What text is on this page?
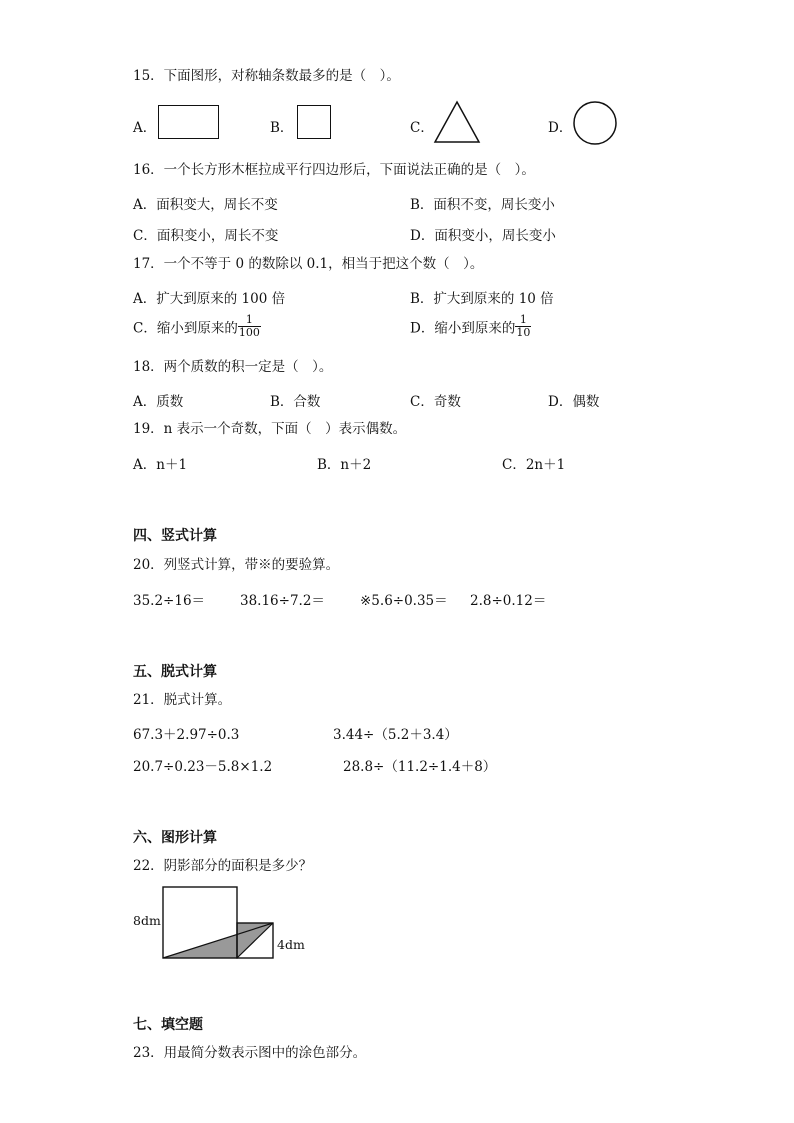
15．下面图形，对称轴条数最多的是（　）。
A．	B．	C．	D．
16．一个长方形木框拉成平行四边形后，下面说法正确的是（　）。
A．面积变大，周长不变	B．面积不变，周长变小
C．面积变小，周长不变	D．面积变小，周长变小
17．一个不等于 0 的数除以 0.1，相当于把这个数（　）。
A．扩大到原来的 100 倍	B．扩大到原来的 10 倍
C．缩小到原来的 $\frac{1}{100}$	D．缩小到原来的 $\frac{1}{10}$
18．两个质数的积一定是（　）。
A．质数	B．合数	C．奇数	D．偶数
19．n 表示一个奇数，下面（　）表示偶数。
A．n＋1	B．n＋2	C．2n＋1
四、竖式计算
20．列竖式计算，带※的要验算。
35.2÷16＝	38.16÷7.2＝	※5.6÷0.35＝ 2.8÷0.12＝
五、脱式计算
21．脱式计算。
67.3＋2.97÷0.3	3.44÷（5.2＋3.4）
20.7÷0.23－5.8×1.2	28.8÷（11.2÷1.4＋8）
六、图形计算
22．阴影部分的面积是多少？
8dm
4dm
七、填空题
23．用最简分数表示图中的涂色部分。
